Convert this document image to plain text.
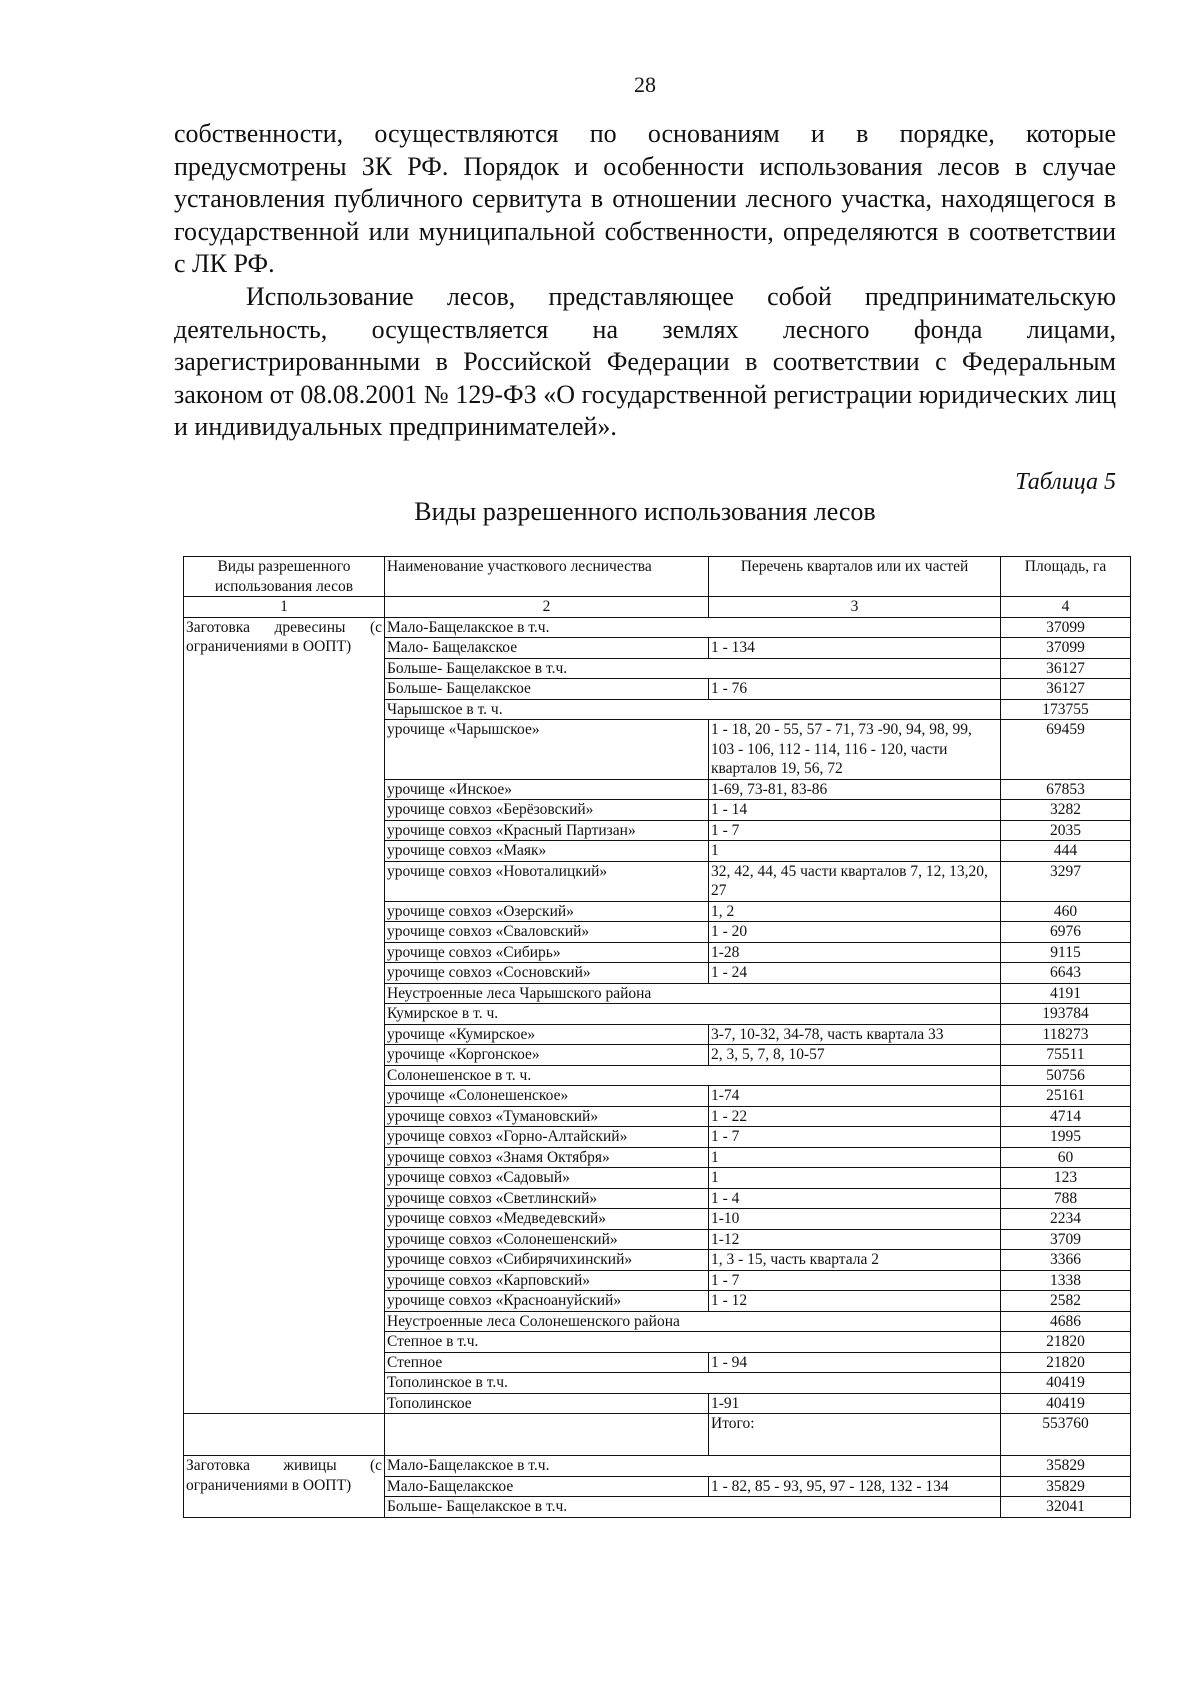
28

собственности, осуществляются по основаниям и в порядке, которые предусмотрены ЗК РФ. Порядок и особенности использования лесов в случае установления публичного сервитута в отношении лесного участка, находящегося в государственной или муниципальной собственности, определяются в соответствии с ЛК РФ.

Использование лесов, представляющее собой предпринимательскую деятельность, осуществляется на землях лесного фонда лицами, зарегистрированными в Российской Федерации в соответствии с Федеральным законом от 08.08.2001 № 129-ФЗ «О государственной регистрации юридических лиц и индивидуальных предпринимателей».

Таблица 5
Виды разрешенного использования лесов
Виды разрешенного использования лесов	Наименование участкового лесничества	Перечень кварталов или их частей	Площадь, га
1	2	3	4
Заготовка древесины (с ограничениями в ООПТ)	Мало-Бащелакское в т.ч.		37099
	Мало- Бащелакское	1 - 134	37099
	Больше- Бащелакское в т.ч.		36127
	Больше- Бащелакское	1 - 76	36127
	Чарышское в т. ч.		173755
	урочище «Чарышское»	1 - 18, 20 - 55, 57 - 71, 73 -90, 94, 98, 99, 103 - 106, 112 - 114, 116 - 120, части кварталов 19, 56, 72	69459
	урочище «Инское»	1-69, 73-81, 83-86	67853
	урочище совхоз «Берёзовский»	1 - 14	3282
	урочище совхоз «Красный Партизан»	1 - 7	2035
	урочище совхоз «Маяк»	1	444
	урочище совхоз «Новоталицкий»	32, 42, 44, 45 части кварталов 7, 12, 13,20, 27	3297
	урочище совхоз «Озерский»	1, 2	460
	урочище совхоз «Сваловский»	1 - 20	6976
	урочище совхоз «Сибирь»	1-28	9115
	урочище совхоз «Сосновский»	1 - 24	6643
	Неустроенные леса Чарышского района		4191
	Кумирское в т. ч.		193784
	урочище «Кумирское»	3-7, 10-32, 34-78, часть квартала 33	118273
	урочище «Коргонское»	2, 3, 5, 7, 8, 10-57	75511
	Солонешенское в т. ч.		50756
	урочище «Солонешенское»	1-74	25161
	урочище совхоз «Тумановский»	1 - 22	4714
	урочище совхоз «Горно-Алтайский»	1 - 7	1995
	урочище совхоз «Знамя Октября»	1	60
	урочище совхоз «Садовый»	1	123
	урочище совхоз «Светлинский»	1 - 4	788
	урочище совхоз «Медведевский»	1-10	2234
	урочище совхоз «Солонешенский»	1-12	3709
	урочище совхоз «Сибирячихинский»	1, 3 - 15, часть квартала 2	3366
	урочище совхоз «Карповский»	1 - 7	1338
	урочище совхоз «Красноануйский»	1 - 12	2582
	Неустроенные леса Солонешенского района		4686
	Степное в т.ч.		21820
	Степное	1 - 94	21820
	Тополинское в т.ч.		40419
	Тополинское	1-91	40419
		Итого:	553760
Заготовка живицы (с ограничениями в ООПТ)	Мало-Бащелакское в т.ч.		35829
	Мало-Бащелакское	1 - 82, 85 - 93, 95, 97 - 128, 132 - 134	35829
	Больше- Бащелакское в т.ч.		32041
